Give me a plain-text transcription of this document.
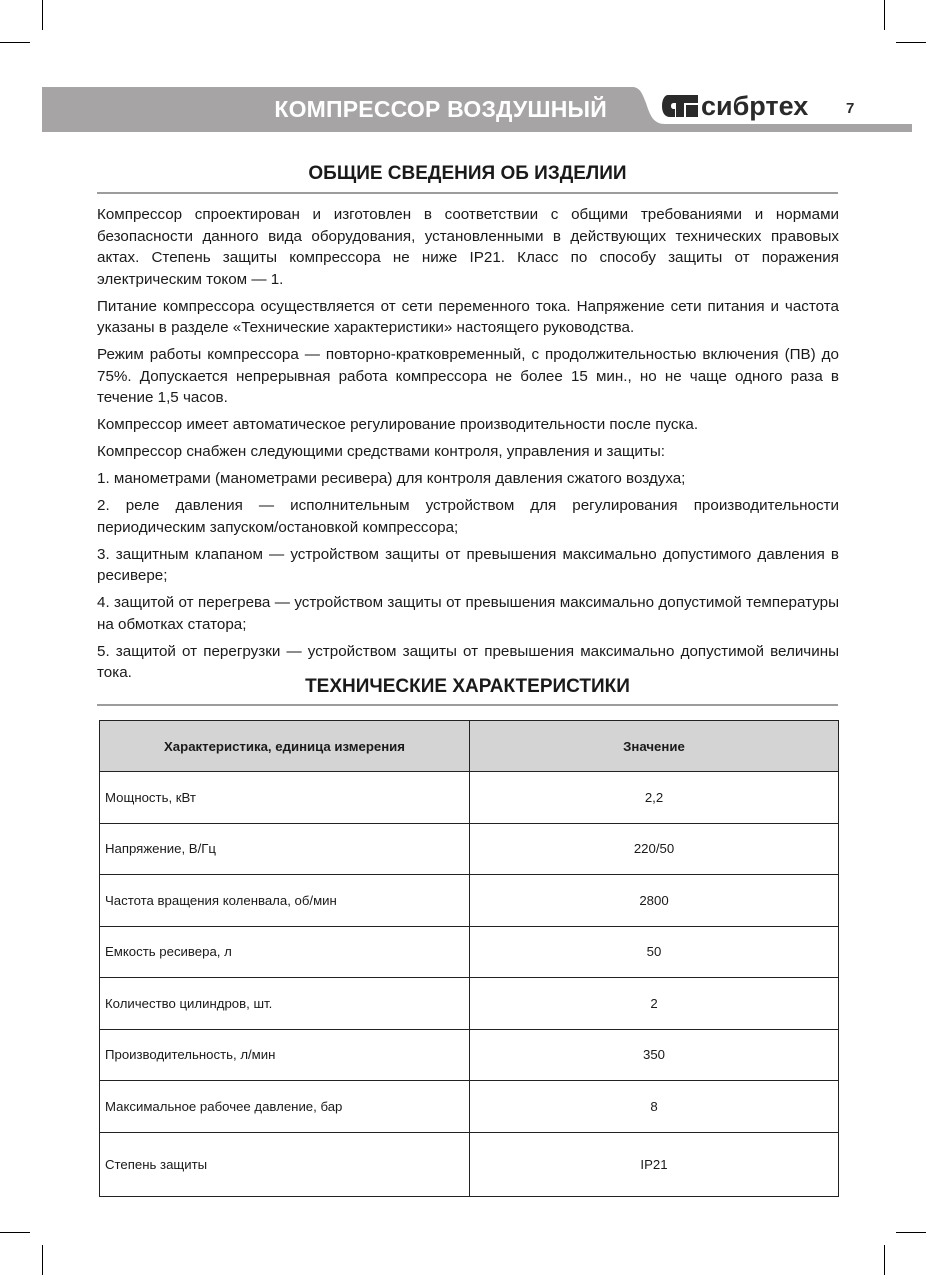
КОМПРЕССОР ВОЗДУШНЫЙ	сибртех	7
ОБЩИЕ СВЕДЕНИЯ ОБ ИЗДЕЛИИ

Компрессор спроектирован и изготовлен в соответствии с общими требованиями и нормами безопасности данного вида оборудования, установленными в действующих технических правовых актах. Степень защиты компрессора не ниже IP21. Класс по способу защиты от поражения электрическим током — 1.

Питание компрессора осуществляется от сети переменного тока. Напряжение сети питания и частота указаны в разделе «Технические характеристики» настоящего руководства.

Режим работы компрессора — повторно-кратковременный, с продолжительностью включения (ПВ) до 75%. Допускается непрерывная работа компрессора не более 15 мин., но не чаще одного раза в течение 1,5 часов.

Компрессор имеет автоматическое регулирование производительности после пуска.

Компрессор снабжен следующими средствами контроля, управления и защиты:

1. манометрами (манометрами ресивера) для контроля давления сжатого воздуха;

2. реле давления — исполнительным устройством для регулирования производительности периодическим запуском/остановкой компрессора;

3. защитным клапаном — устройством защиты от превышения максимально допустимого давления в ресивере;

4. защитой от перегрева — устройством защиты от превышения максимально допустимой температуры на обмотках статора;

5. защитой от перегрузки — устройством защиты от превышения максимально допустимой величины тока.

ТЕХНИЧЕСКИЕ ХАРАКТЕРИСТИКИ
Характеристика, единица измерения	Значение
Мощность, кВт	2,2
Напряжение, В/Гц	220/50
Частота вращения коленвала, об/мин	2800
Емкость ресивера, л	50
Количество цилиндров, шт.	2
Производительность, л/мин	350
Максимальное рабочее давление, бар	8
Степень защиты	IP21
